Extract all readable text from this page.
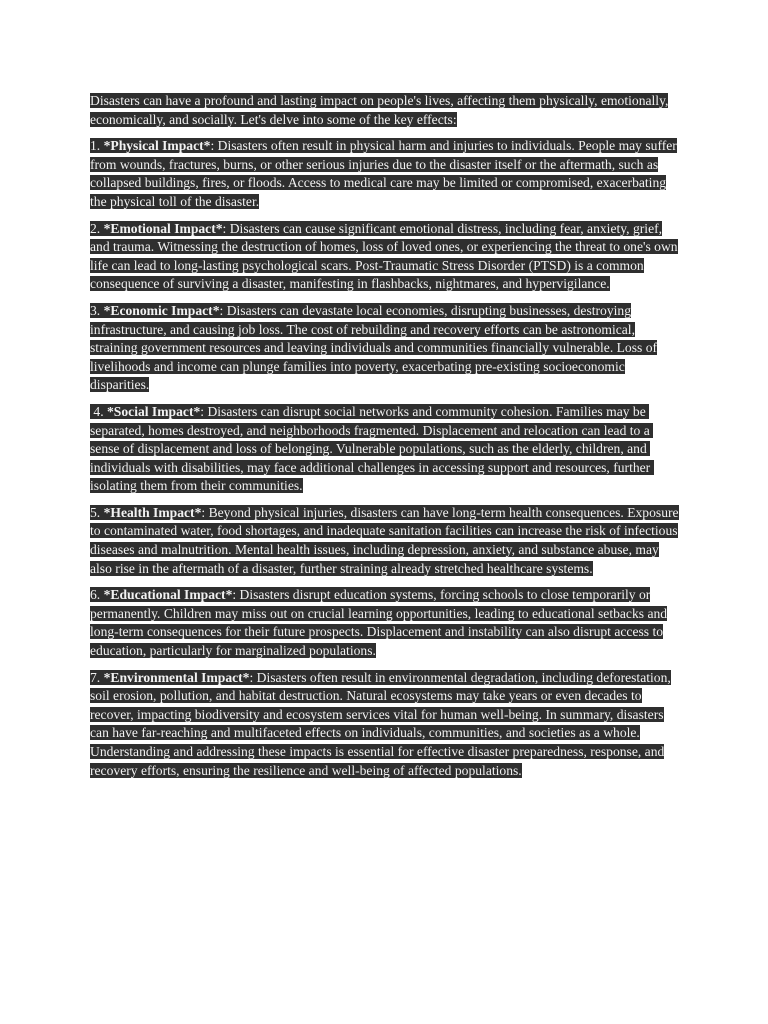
Disasters can have a profound and lasting impact on people's lives, affecting them physically, emotionally, economically, and socially. Let's delve into some of the key effects:

1. *Physical Impact*: Disasters often result in physical harm and injuries to individuals. People may suffer from wounds, fractures, burns, or other serious injuries due to the disaster itself or the aftermath, such as collapsed buildings, fires, or floods. Access to medical care may be limited or compromised, exacerbating the physical toll of the disaster.

2. *Emotional Impact*: Disasters can cause significant emotional distress, including fear, anxiety, grief, and trauma. Witnessing the destruction of homes, loss of loved ones, or experiencing the threat to one's own life can lead to long-lasting psychological scars. Post-Traumatic Stress Disorder (PTSD) is a common consequence of surviving a disaster, manifesting in flashbacks, nightmares, and hypervigilance.

3. *Economic Impact*: Disasters can devastate local economies, disrupting businesses, destroying infrastructure, and causing job loss. The cost of rebuilding and recovery efforts can be astronomical, straining government resources and leaving individuals and communities financially vulnerable. Loss of livelihoods and income can plunge families into poverty, exacerbating pre-existing socioeconomic disparities.

4. *Social Impact*: Disasters can disrupt social networks and community cohesion. Families may be separated, homes destroyed, and neighborhoods fragmented. Displacement and relocation can lead to a sense of displacement and loss of belonging. Vulnerable populations, such as the elderly, children, and individuals with disabilities, may face additional challenges in accessing support and resources, further isolating them from their communities.

5. *Health Impact*: Beyond physical injuries, disasters can have long-term health consequences. Exposure to contaminated water, food shortages, and inadequate sanitation facilities can increase the risk of infectious diseases and malnutrition. Mental health issues, including depression, anxiety, and substance abuse, may also rise in the aftermath of a disaster, further straining already stretched healthcare systems.

6. *Educational Impact*: Disasters disrupt education systems, forcing schools to close temporarily or permanently. Children may miss out on crucial learning opportunities, leading to educational setbacks and long-term consequences for their future prospects. Displacement and instability can also disrupt access to education, particularly for marginalized populations.

7. *Environmental Impact*: Disasters often result in environmental degradation, including deforestation, soil erosion, pollution, and habitat destruction. Natural ecosystems may take years or even decades to recover, impacting biodiversity and ecosystem services vital for human well-being. In summary, disasters can have far-reaching and multifaceted effects on individuals, communities, and societies as a whole. Understanding and addressing these impacts is essential for effective disaster preparedness, response, and recovery efforts, ensuring the resilience and well-being of affected populations.
